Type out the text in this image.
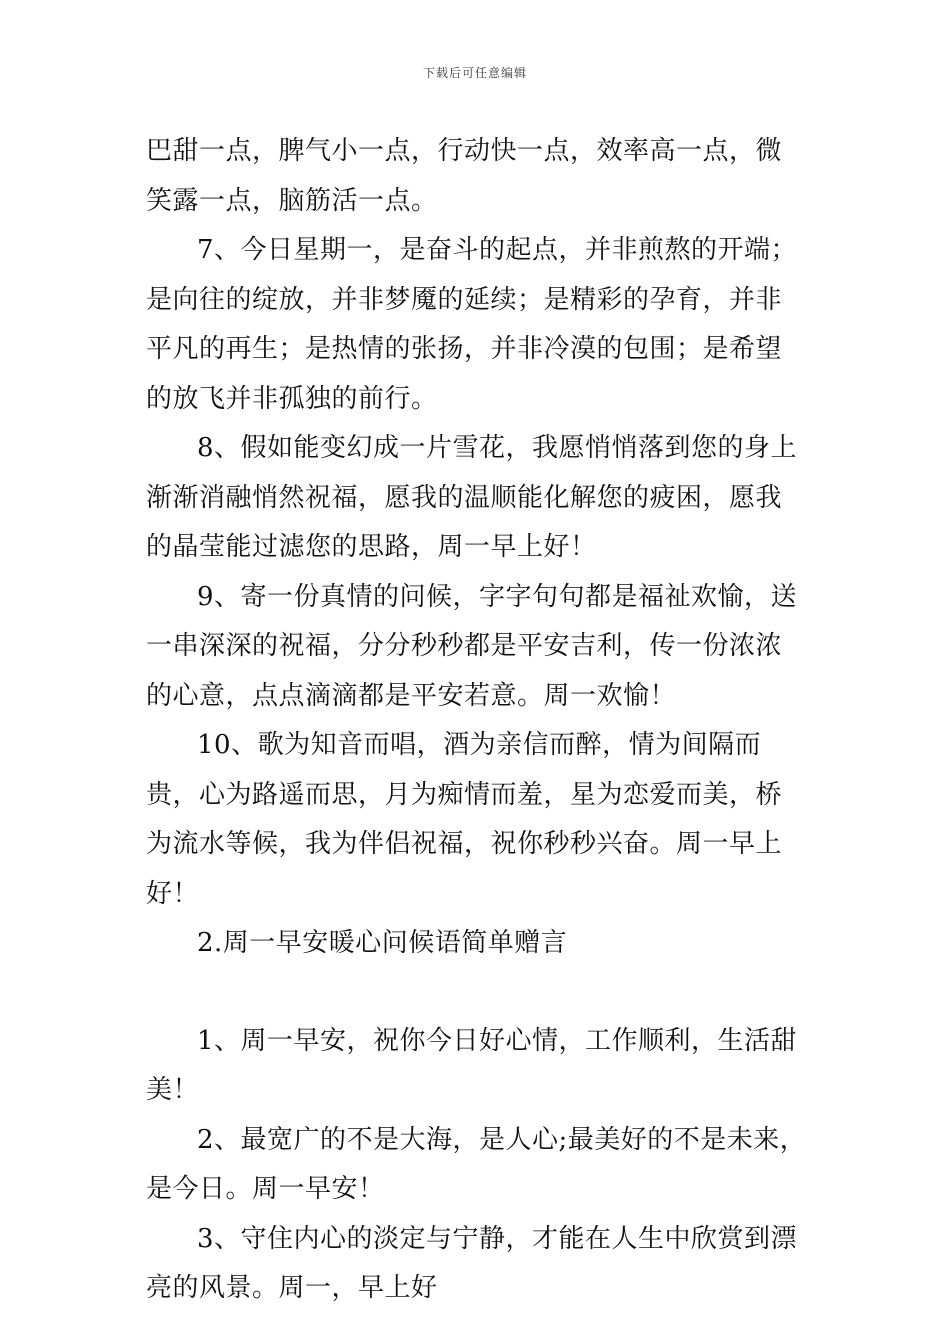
下载后可任意编辑

巴甜一点，脾气小一点，行动快一点，效率高一点，微笑露一点，脑筋活一点。

7、今日星期一，是奋斗的起点，并非煎熬的开端；是向往的绽放，并非梦魇的延续；是精彩的孕育，并非平凡的再生；是热情的张扬，并非冷漠的包围；是希望的放飞并非孤独的前行。

8、假如能变幻成一片雪花，我愿悄悄落到您的身上渐渐消融悄然祝福，愿我的温顺能化解您的疲困，愿我的晶莹能过滤您的思路，周一早上好！

9、寄一份真情的问候，字字句句都是福祉欢愉，送一串深深的祝福，分分秒秒都是平安吉利，传一份浓浓的心意，点点滴滴都是平安若意。周一欢愉！

10、歌为知音而唱，酒为亲信而醉，情为间隔而贵，心为路遥而思，月为痴情而羞，星为恋爱而美，桥为流水等候，我为伴侣祝福，祝你秒秒兴奋。周一早上好！

2.周一早安暖心问候语简单赠言

1、周一早安，祝你今日好心情，工作顺利，生活甜美！

2、最宽广的不是大海，是人心;最美好的不是未来，是今日。周一早安！

3、守住内心的淡定与宁静，才能在人生中欣赏到漂亮的风景。周一，早上好
